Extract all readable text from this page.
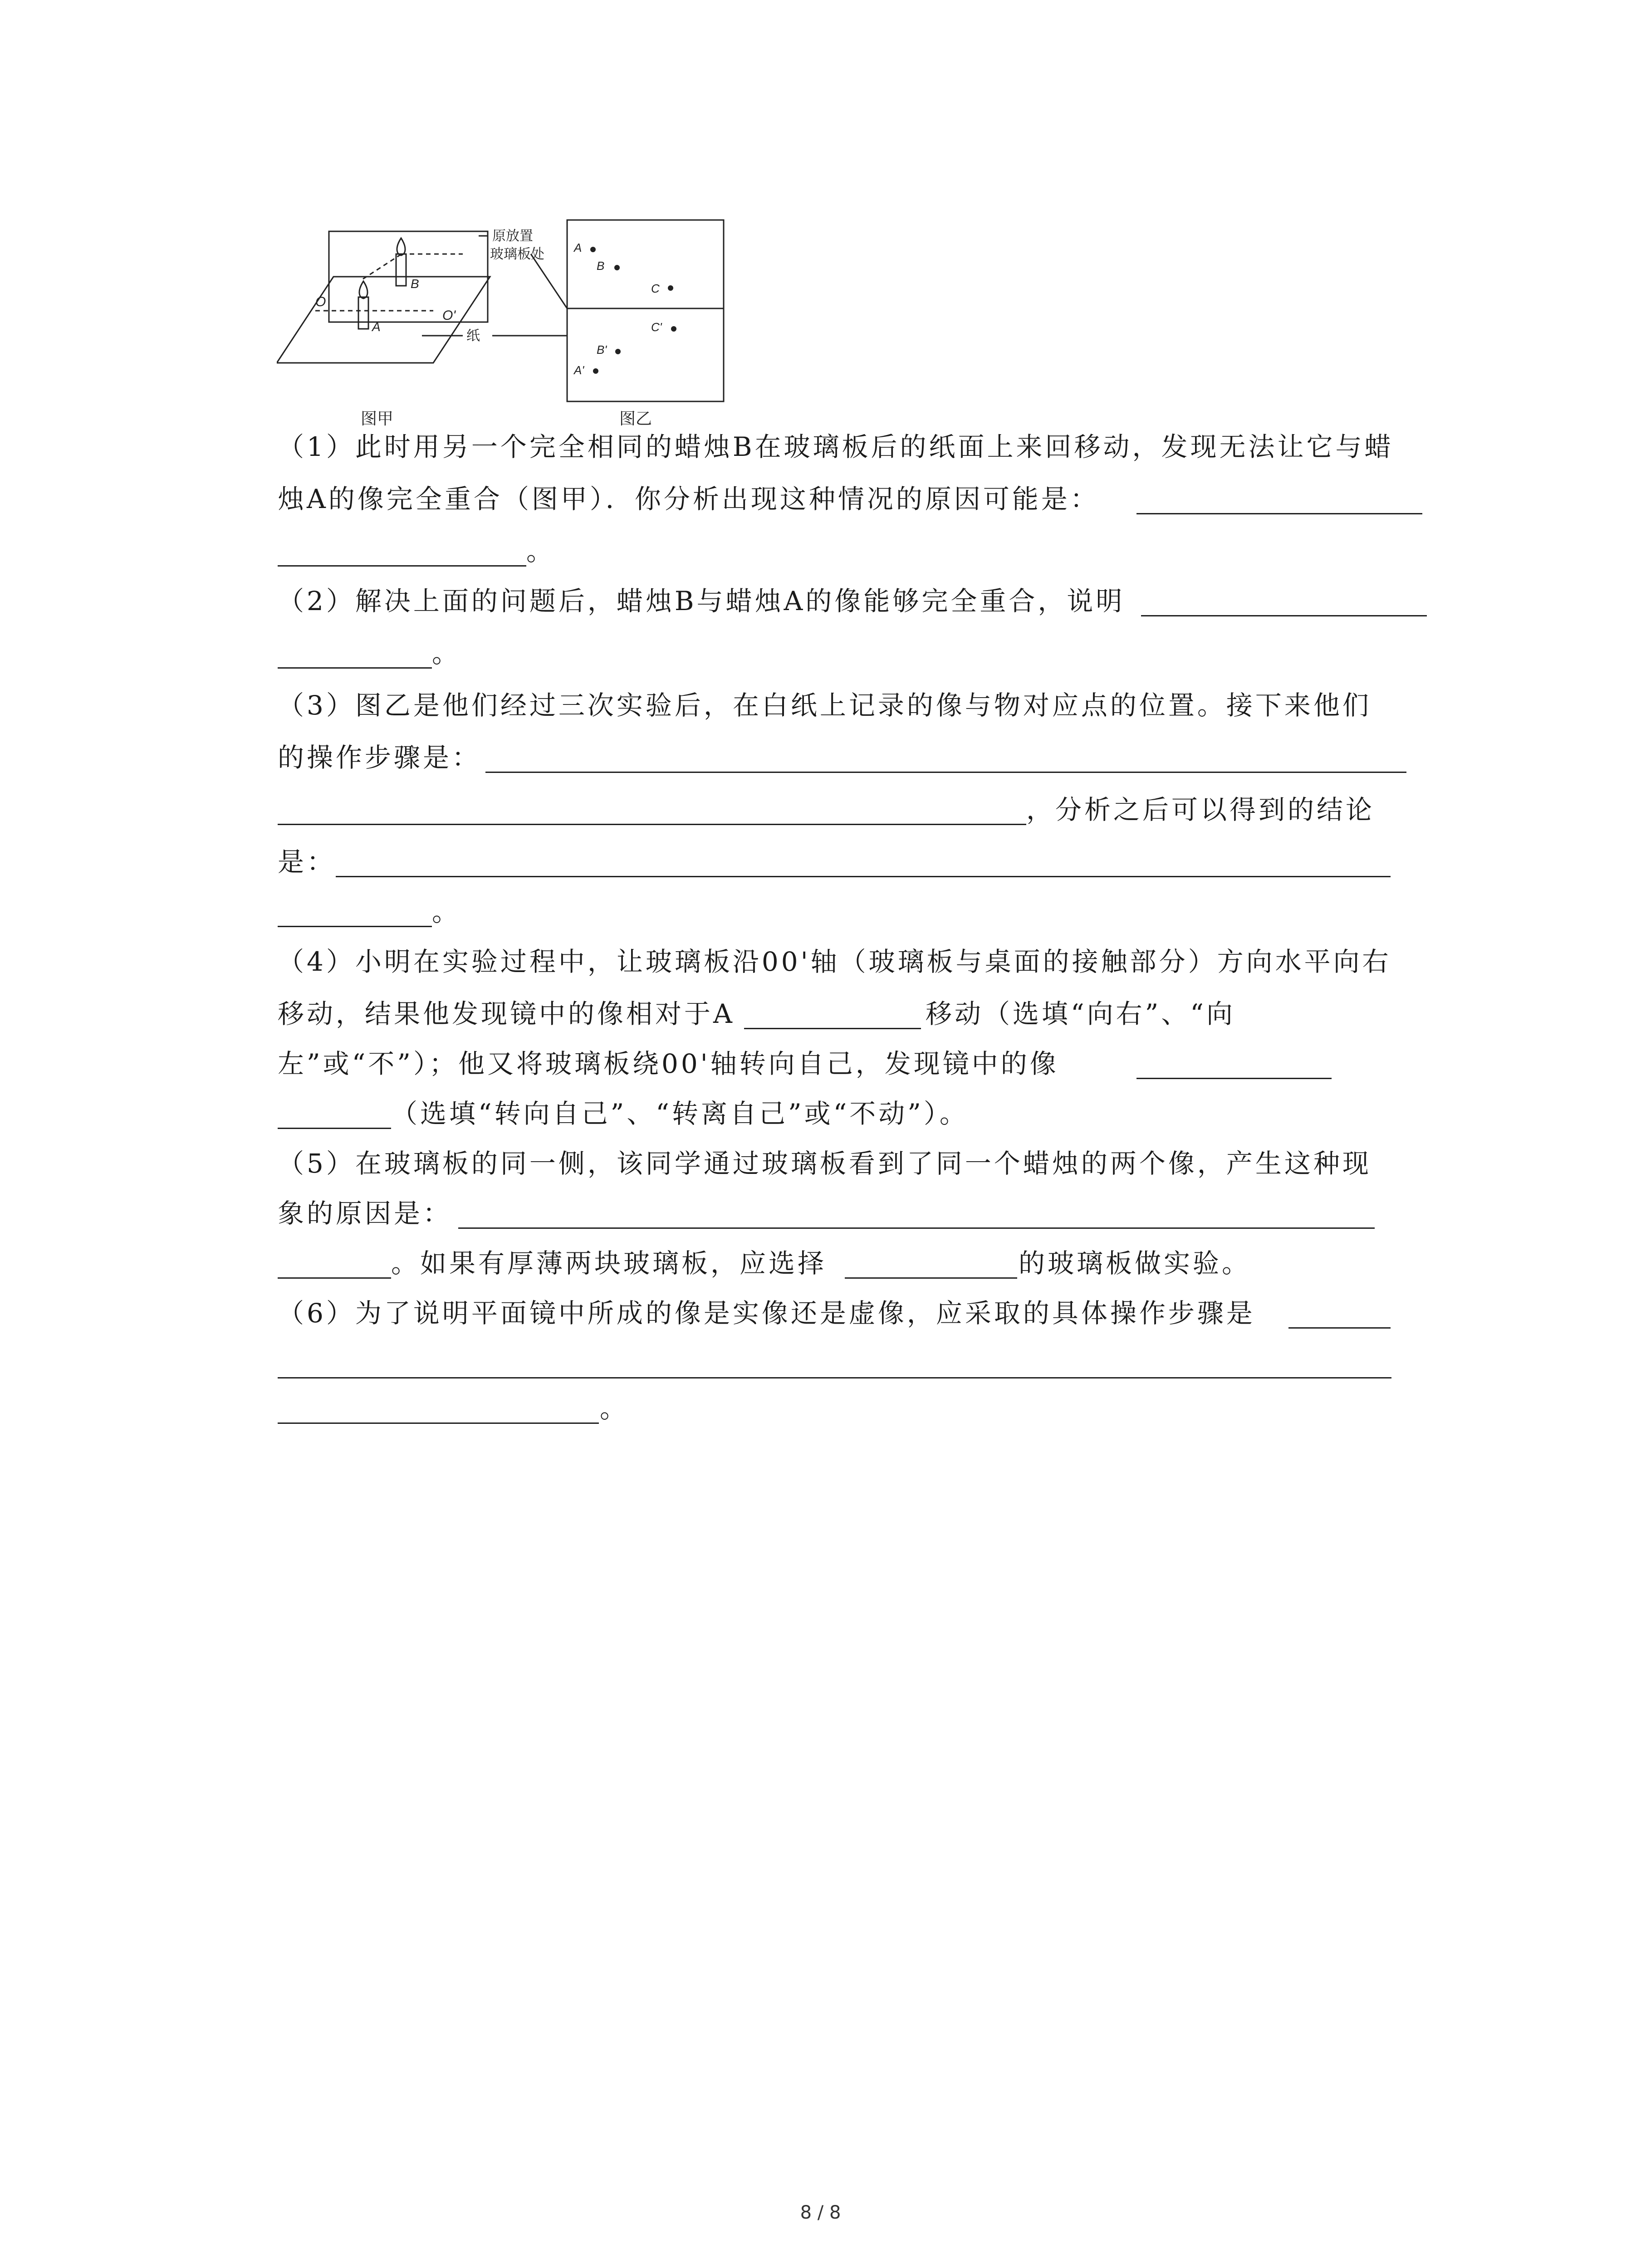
O
O'
A
B
原放置
玻璃板处
纸
A
B
C
C'
A'
B'
图甲	图乙
（1）此时用另一个完全相同的蜡烛B在玻璃板后的纸面上来回移动，发现无法让它与蜡
烛A的像完全重合（图甲）．你分析出现这种情况的原因可能是：
。
（2）解决上面的问题后，蜡烛B与蜡烛A的像能够完全重合，说明
。
（3）图乙是他们经过三次实验后，在白纸上记录的像与物对应点的位置。接下来他们
的操作步骤是：
，分析之后可以得到的结论
是：
。
（4）小明在实验过程中，让玻璃板沿00'轴（玻璃板与桌面的接触部分）方向水平向右
移动，结果他发现镜中的像相对于A	移动（选填“向右”、“向
左”或“不”）；他又将玻璃板绕00'轴转向自己，发现镜中的像
（选填“转向自己”、“转离自己”或“不动”）。
（5）在玻璃板的同一侧，该同学通过玻璃板看到了同一个蜡烛的两个像，产生这种现
象的原因是：
。如果有厚薄两块玻璃板，应选择	的玻璃板做实验。
（6）为了说明平面镜中所成的像是实像还是虚像，应采取的具体操作步骤是
。
8 / 8
